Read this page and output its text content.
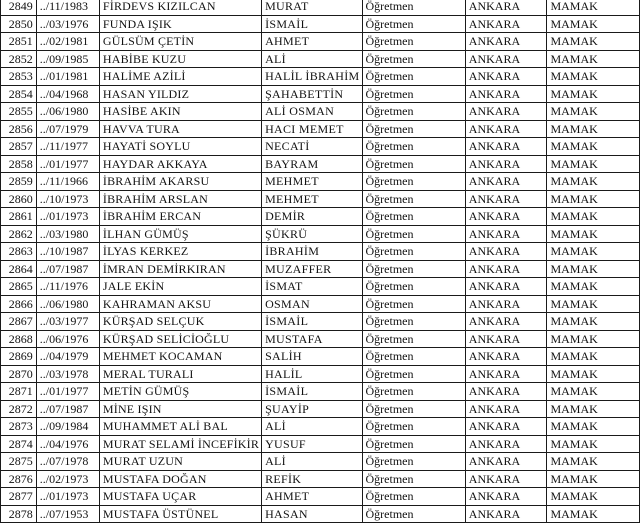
2849	../11/1983	FİRDEVS KIZILCAN	MURAT	Öğretmen	ANKARA	MAMAK
2850	../03/1976	FUNDA IŞIK	İSMAİL	Öğretmen	ANKARA	MAMAK
2851	../02/1981	GÜLSÜM ÇETİN	AHMET	Öğretmen	ANKARA	MAMAK
2852	../09/1985	HABİBE KUZU	ALİ	Öğretmen	ANKARA	MAMAK
2853	../01/1981	HALİME AZİLİ	HALİL İBRAHİM	Öğretmen	ANKARA	MAMAK
2854	../04/1968	HASAN YILDIZ	ŞAHABETTİN	Öğretmen	ANKARA	MAMAK
2855	../06/1980	HASİBE AKIN	ALİ OSMAN	Öğretmen	ANKARA	MAMAK
2856	../07/1979	HAVVA TURA	HACI MEMET	Öğretmen	ANKARA	MAMAK
2857	../11/1977	HAYATİ SOYLU	NECATİ	Öğretmen	ANKARA	MAMAK
2858	../01/1977	HAYDAR AKKAYA	BAYRAM	Öğretmen	ANKARA	MAMAK
2859	../11/1966	İBRAHİM AKARSU	MEHMET	Öğretmen	ANKARA	MAMAK
2860	../10/1973	İBRAHİM ARSLAN	MEHMET	Öğretmen	ANKARA	MAMAK
2861	../01/1973	İBRAHİM ERCAN	DEMİR	Öğretmen	ANKARA	MAMAK
2862	../03/1980	İLHAN GÜMÜŞ	ŞÜKRÜ	Öğretmen	ANKARA	MAMAK
2863	../10/1987	İLYAS KERKEZ	İBRAHİM	Öğretmen	ANKARA	MAMAK
2864	../07/1987	İMRAN DEMİRKIRAN	MUZAFFER	Öğretmen	ANKARA	MAMAK
2865	../11/1976	JALE EKİN	İSMAT	Öğretmen	ANKARA	MAMAK
2866	../06/1980	KAHRAMAN AKSU	OSMAN	Öğretmen	ANKARA	MAMAK
2867	../03/1977	KÜRŞAD SELÇUK	İSMAİL	Öğretmen	ANKARA	MAMAK
2868	../06/1976	KÜRŞAD SELİCİOĞLU	MUSTAFA	Öğretmen	ANKARA	MAMAK
2869	../04/1979	MEHMET KOCAMAN	SALİH	Öğretmen	ANKARA	MAMAK
2870	../03/1978	MERAL TURALI	HALİL	Öğretmen	ANKARA	MAMAK
2871	../01/1977	METİN GÜMÜŞ	İSMAİL	Öğretmen	ANKARA	MAMAK
2872	../07/1987	MİNE IŞIN	ŞUAYİP	Öğretmen	ANKARA	MAMAK
2873	../09/1984	MUHAMMET ALİ BAL	ALİ	Öğretmen	ANKARA	MAMAK
2874	../04/1976	MURAT SELAMİ İNCEFİKİR	YUSUF	Öğretmen	ANKARA	MAMAK
2875	../07/1978	MURAT UZUN	ALİ	Öğretmen	ANKARA	MAMAK
2876	../02/1973	MUSTAFA DOĞAN	REFİK	Öğretmen	ANKARA	MAMAK
2877	../01/1973	MUSTAFA UÇAR	AHMET	Öğretmen	ANKARA	MAMAK
2878	../07/1953	MUSTAFA ÜSTÜNEL	HASAN	Öğretmen	ANKARA	MAMAK
